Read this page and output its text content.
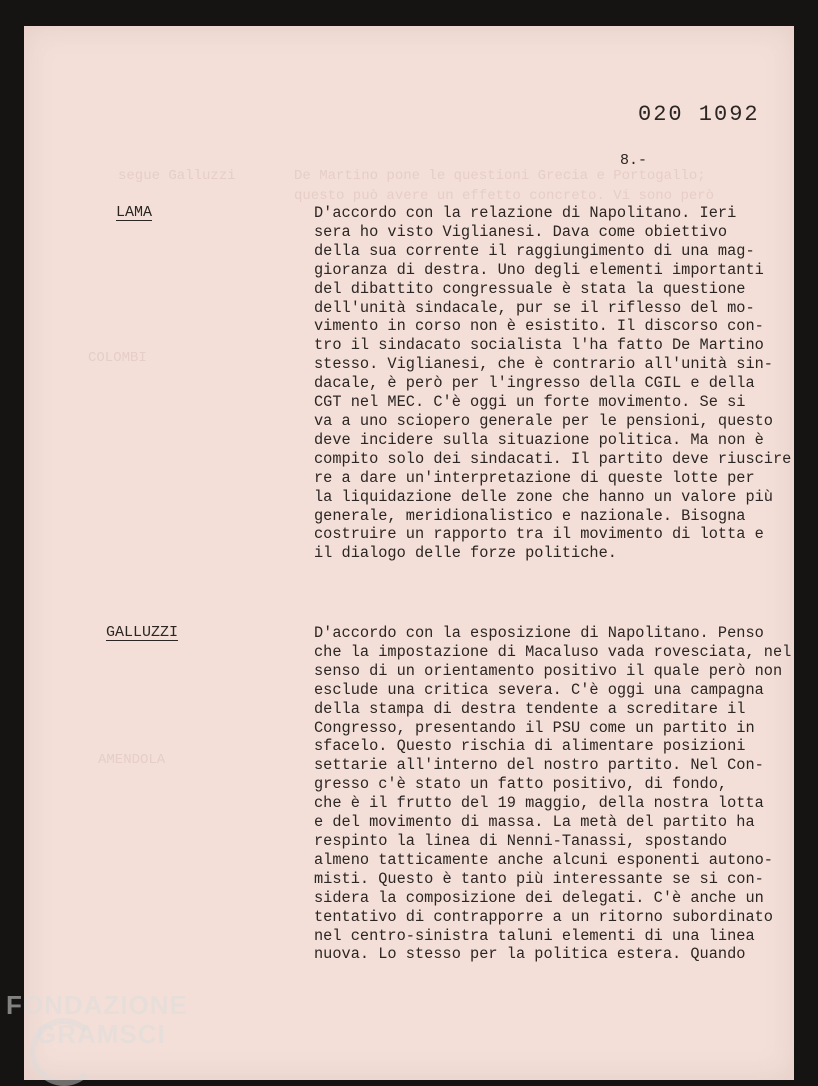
segue Galluzzi	De Martino pone le questioni Grecia e Portogallo;
questo può avere un effetto concreto. Vi sono però
COLOMBI
AMENDOLA
020 1092
8.-
LAMA	D'accordo con la relazione di Napolitano. Ieri
sera ho visto Viglianesi. Dava come obiettivo
della sua corrente il raggiungimento di una mag-
gioranza di destra. Uno degli elementi importanti
del dibattito congressuale è stata la questione
dell'unità sindacale, pur se il riflesso del mo-
vimento in corso non è esistito. Il discorso con-
tro il sindacato socialista l'ha fatto De Martino
stesso. Viglianesi, che è contrario all'unità sin-
dacale, è però per l'ingresso della CGIL e della
CGT nel MEC. C'è oggi un forte movimento. Se si
va a uno sciopero generale per le pensioni, questo
deve incidere sulla situazione politica. Ma non è
compito solo dei sindacati. Il partito deve riuscire
re a dare un'interpretazione di queste lotte per
la liquidazione delle zone che hanno un valore più
generale, meridionalistico e nazionale. Bisogna
costruire un rapporto tra il movimento di lotta e
il dialogo delle forze politiche.
GALLUZZI	D'accordo con la esposizione di Napolitano. Penso
che la impostazione di Macaluso vada rovesciata, nel
senso di un orientamento positivo il quale però non
esclude una critica severa. C'è oggi una campagna
della stampa di destra tendente a screditare il
Congresso, presentando il PSU come un partito in
sfacelo. Questo rischia di alimentare posizioni
settarie all'interno del nostro partito. Nel Con-
gresso c'è stato un fatto positivo, di fondo,
che è il frutto del 19 maggio, della nostra lotta
e del movimento di massa. La metà del partito ha
respinto la linea di Nenni-Tanassi, spostando
almeno tatticamente anche alcuni esponenti autono-
misti. Questo è tanto più interessante se si con-
sidera la composizione dei delegati. C'è anche un
tentativo di contrapporre a un ritorno subordinato
nel centro-sinistra taluni elementi di una linea
nuova. Lo stesso per la politica estera. Quando
FONDAZIONE
GRAMSCI
